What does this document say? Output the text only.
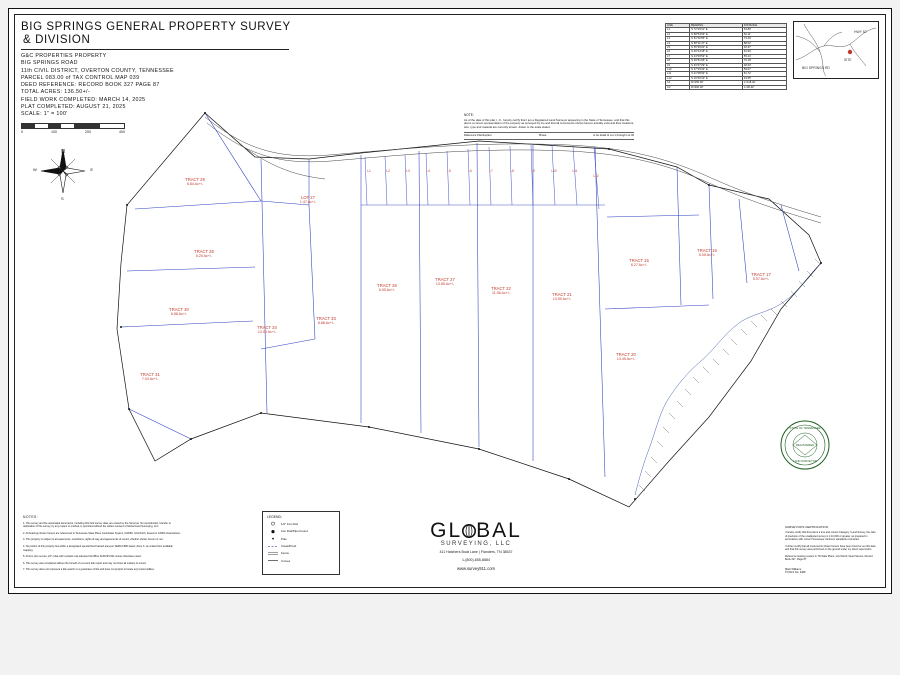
BIG SPRINGS GENERAL PROPERTY SURVEY
& DIVISION
G&C PROPERTIES PROPERTY
BIG SPRINGS ROAD
11th CIVIL DISTRICT, OVERTON COUNTY, TENNESSEE
PARCEL 083.00 of TAX CONTROL MAP 039
DEED REFERENCE: RECORD BOOK 327 PAGE 87
TOTAL ACRES: 136.50+/-
FIELD WORK COMPLETED: MARCH 14, 2025
PLAT COMPLETED: AUGUST 21, 2025
SCALE: 1" = 100'
0	100	200	400
N
W	E
S
SITE
BIG SPRINGS RD
HWY 52
LINE	BEARING	DISTANCE
L1	S 72°19'11" E	64.80'
L2	S 68°54'03" E	52.11'
L3	S 61°02'55" E	73.46'
L4	S 58°11'47" E	88.02'
L5	S 55°36'20" E	46.37'
L6	S 49°14'18" E	61.90'
L7	S 44°03'52" E	55.24'
L8	S 39°51'06" E	70.18'
L9	S 33°47'29" E	48.63'
L10	S 27°15'44" E	59.07'
L11	S 21°08'33" E	81.72'
L12	S 16°40'12" E	43.55'
C1	R=250.00'	L=118.40'
C2	R=300.00'	L=96.22'
NOTE:
As of the date of this plat, I, Jr., hereby certify that I am a Registered Land Surveyor appearing in the State of Tennessee, and that this plat is a correct representation of the property as surveyed by me and that all monuments shown hereon actually exist and their locations, size, type and material are correctly shown, drawn to the scale stated.
Reference Plat Explain:	Phase	to be detail of Lot 1 through Lot 30
TRACT 29
6.84 Ac+/-
LOT 27
1.47 Ac+/-
TRACT 28
5.25 Ac+/-
TRACT 30
6.88 Ac+/-
TRACT 31
7.03 Ac+/-
TRACT 34
13.00 Ac+/-
TRACT 33
8.88 Ac+/-
TRACT 26
6.05 Ac+/-
TRACT 27
13.85 Ac+/-
TRACT 22
11.06 Ac+/-	TRACT 21
13.50 Ac+/-
TRACT 20
13.45 Ac+/-
TRACT 15
6.27 Ac+/-
TRACT 16
5.05 Ac+/-
TRACT 17
5.07 Ac+/-
L1	L2	L3	L4	L5	L6	L7	L8	L9	L10	L11
L12
NOTES:

1. This survey and the associated documents, including this field survey data, are owned by the Surveyor. No reproduction, transfer or duplication of this survey, by any means or method, is permitted without the written consent of Global Land Surveying, LLC.

2. All bearings shown hereon are referenced to Tennessee State Plane Coordinate System, NAD83, Grid North, based on GNSS observations.

3. This property is subject to all easements, restrictions, rights-of-way and agreements of record, whether shown hereon or not.

4. No portion of this property lies within a designated special flood hazard area per FEMA FIRM panel, Zone X, as scaled from available mapping.

5. All iron pins set are 1/2" rebar with a plastic cap stamped GLOBAL SURVEYING unless otherwise noted.

6. This survey was completed without the benefit of a current title report and may not show all matters of record.

7. This survey does not represent a title search or a guarantee of title and does not purport to locate any buried utilities.

LEGEND:
1/2" Iron Rod
Iron Rod/Pipe Found
Pole
Creek/Pond
Fence
Curves
GL BAL
SURVEYING, LLC
411 Hatchers Boat Lane | Flanders, TN 38537
1-(800)-655-8884
www.survey911.com
STATE OF TENNESSEE
REGISTERED
LAND SURVEYOR
SURVEYOR'S CERTIFICATION

I hereby certify that this plat is a true and correct Category I Land Survey, the ratio of precision of the unadjusted survey is 1:10,000 or greater, as prepared in accordance with current Tennessee minimum standards of practice.

I further certify that all monuments shown hereon have been found or set this date, and that this survey was performed on the ground under my direct supervision.

Reference bearing system is TN State Plane, Grid North. Deed Source: Record Book 327, Page 87.

Mark Williams
TN RLS No. 2408
